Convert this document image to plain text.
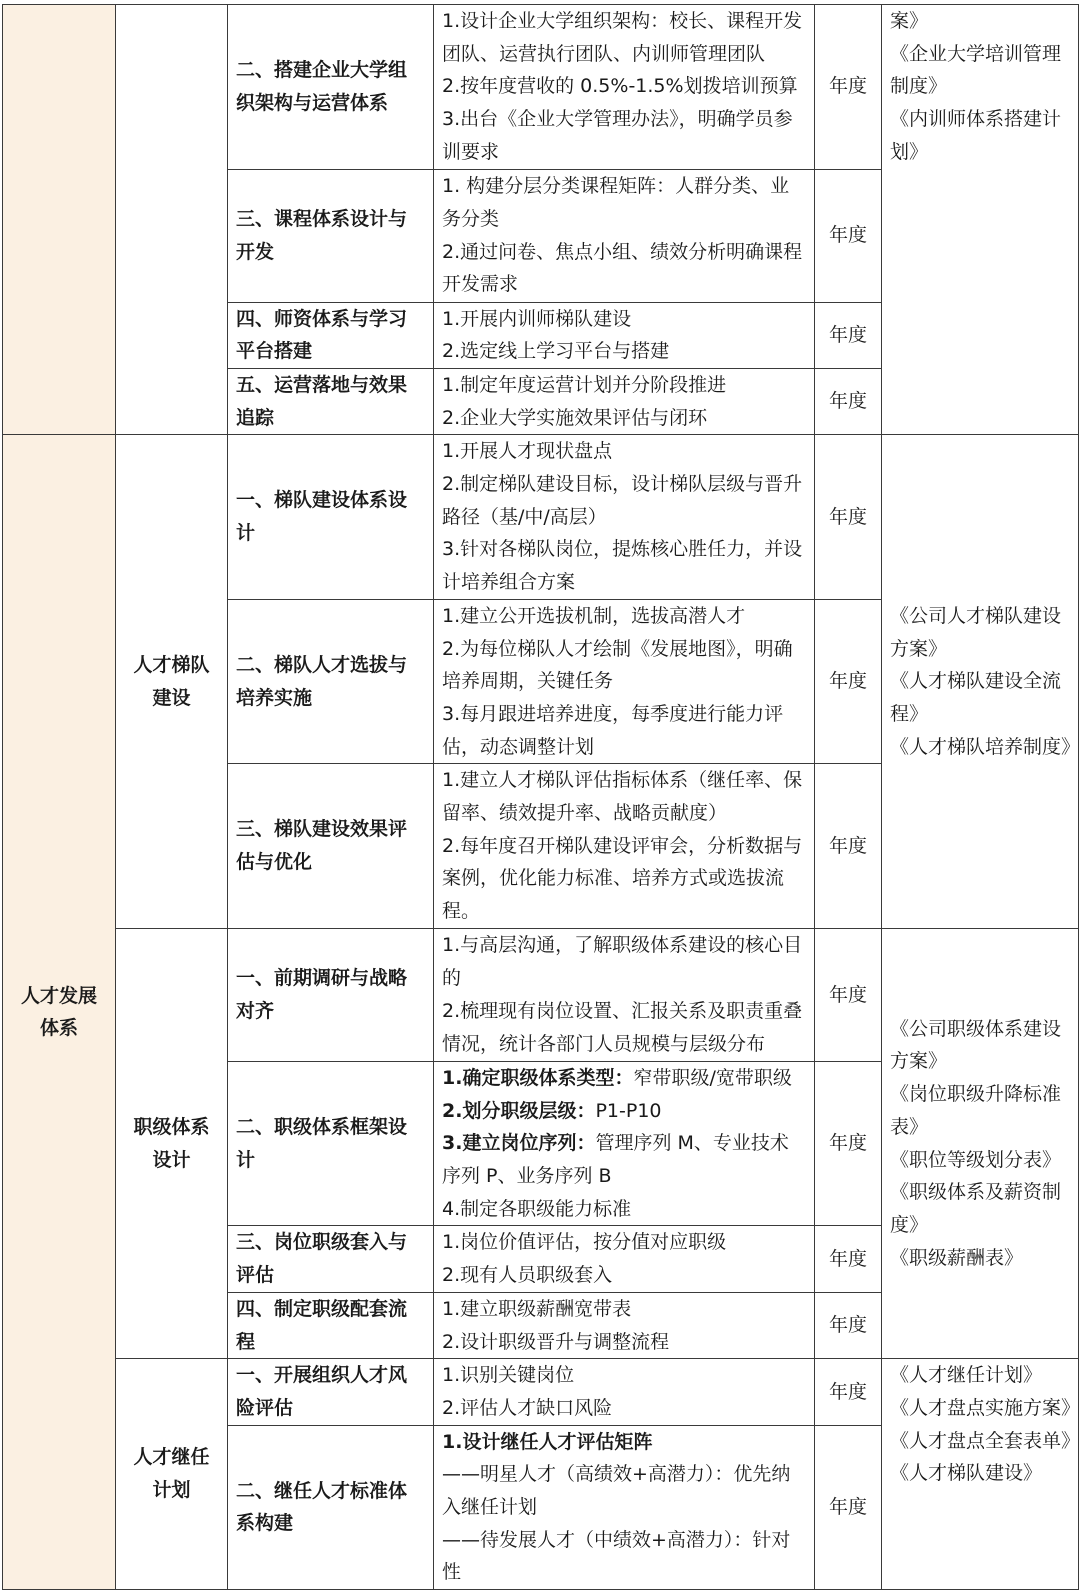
		二、搭建企业大学组织架构与运营体系	1.设计企业大学组织架构：校长、课程开发团队、运营执行团队、内训师管理团队
2.按年度营收的 0.5%-1.5%划拨培训预算
3.出台《企业大学管理办法》，明确学员参训要求	年度	案》
《企业大学培训管理制度》
《内训师体系搭建计划》

		三、课程体系设计与开发	1. 构建分层分类课程矩阵：人群分类、业务分类
2.通过问卷、焦点小组、绩效分析明确课程开发需求	年度	

		四、师资体系与学习平台搭建	1.开展内训师梯队建设
2.选定线上学习平台与搭建	年度	

		五、运营落地与效果追踪	1.制定年度运营计划并分阶段推进
2.企业大学实施效果评估与闭环	年度	
人才发展体系	人才梯队建设	一、梯队建设体系设计	1.开展人才现状盘点
2.制定梯队建设目标，设计梯队层级与晋升路径（基/中/高层）
3.针对各梯队岗位，提炼核心胜任力，并设计培养组合方案	年度	《公司人才梯队建设方案》
《人才梯队建设全流程》
《人才梯队培养制度》

		二、梯队人才选拔与培养实施	1.建立公开选拔机制，选拔高潜人才
2.为每位梯队人才绘制《发展地图》，明确培养周期，关键任务
3.每月跟进培养进度，每季度进行能力评估，动态调整计划	年度	

		三、梯队建设效果评估与优化	1.建立人才梯队评估指标体系（继任率、保留率、绩效提升率、战略贡献度）
2.每年度召开梯队建设评审会，分析数据与案例，优化能力标准、培养方式或选拔流程。	年度	
	职级体系设计	一、前期调研与战略对齐	1.与高层沟通，了解职级体系建设的核心目的
2.梳理现有岗位设置、汇报关系及职责重叠情况，统计各部门人员规模与层级分布	年度	《公司职级体系建设方案》
《岗位职级升降标准表》
《职位等级划分表》
《职级体系及薪资制度》
《职级薪酬表》

		二、职级体系框架设计	1.确定职级体系类型：窄带职级/宽带职级
2.划分职级层级：P1-P10
3.建立岗位序列：管理序列 M、专业技术序列 P、业务序列 B
4.制定各职级能力标准	年度	

		三、岗位职级套入与评估	1.岗位价值评估，按分值对应职级
2.现有人员职级套入	年度	

		四、制定职级配套流程	1.建立职级薪酬宽带表
2.设计职级晋升与调整流程	年度	
	人才继任计划	一、开展组织人才风险评估	1.识别关键岗位
2.评估人才缺口风险	年度	《人才继任计划》
《人才盘点实施方案》
《人才盘点全套表单》
《人才梯队建设》

		二、继任人才标准体系构建	1.设计继任人才评估矩阵
——明星人才（高绩效+高潜力）：优先纳入继任计划
——待发展人才（中绩效+高潜力）：针对性	年度	
